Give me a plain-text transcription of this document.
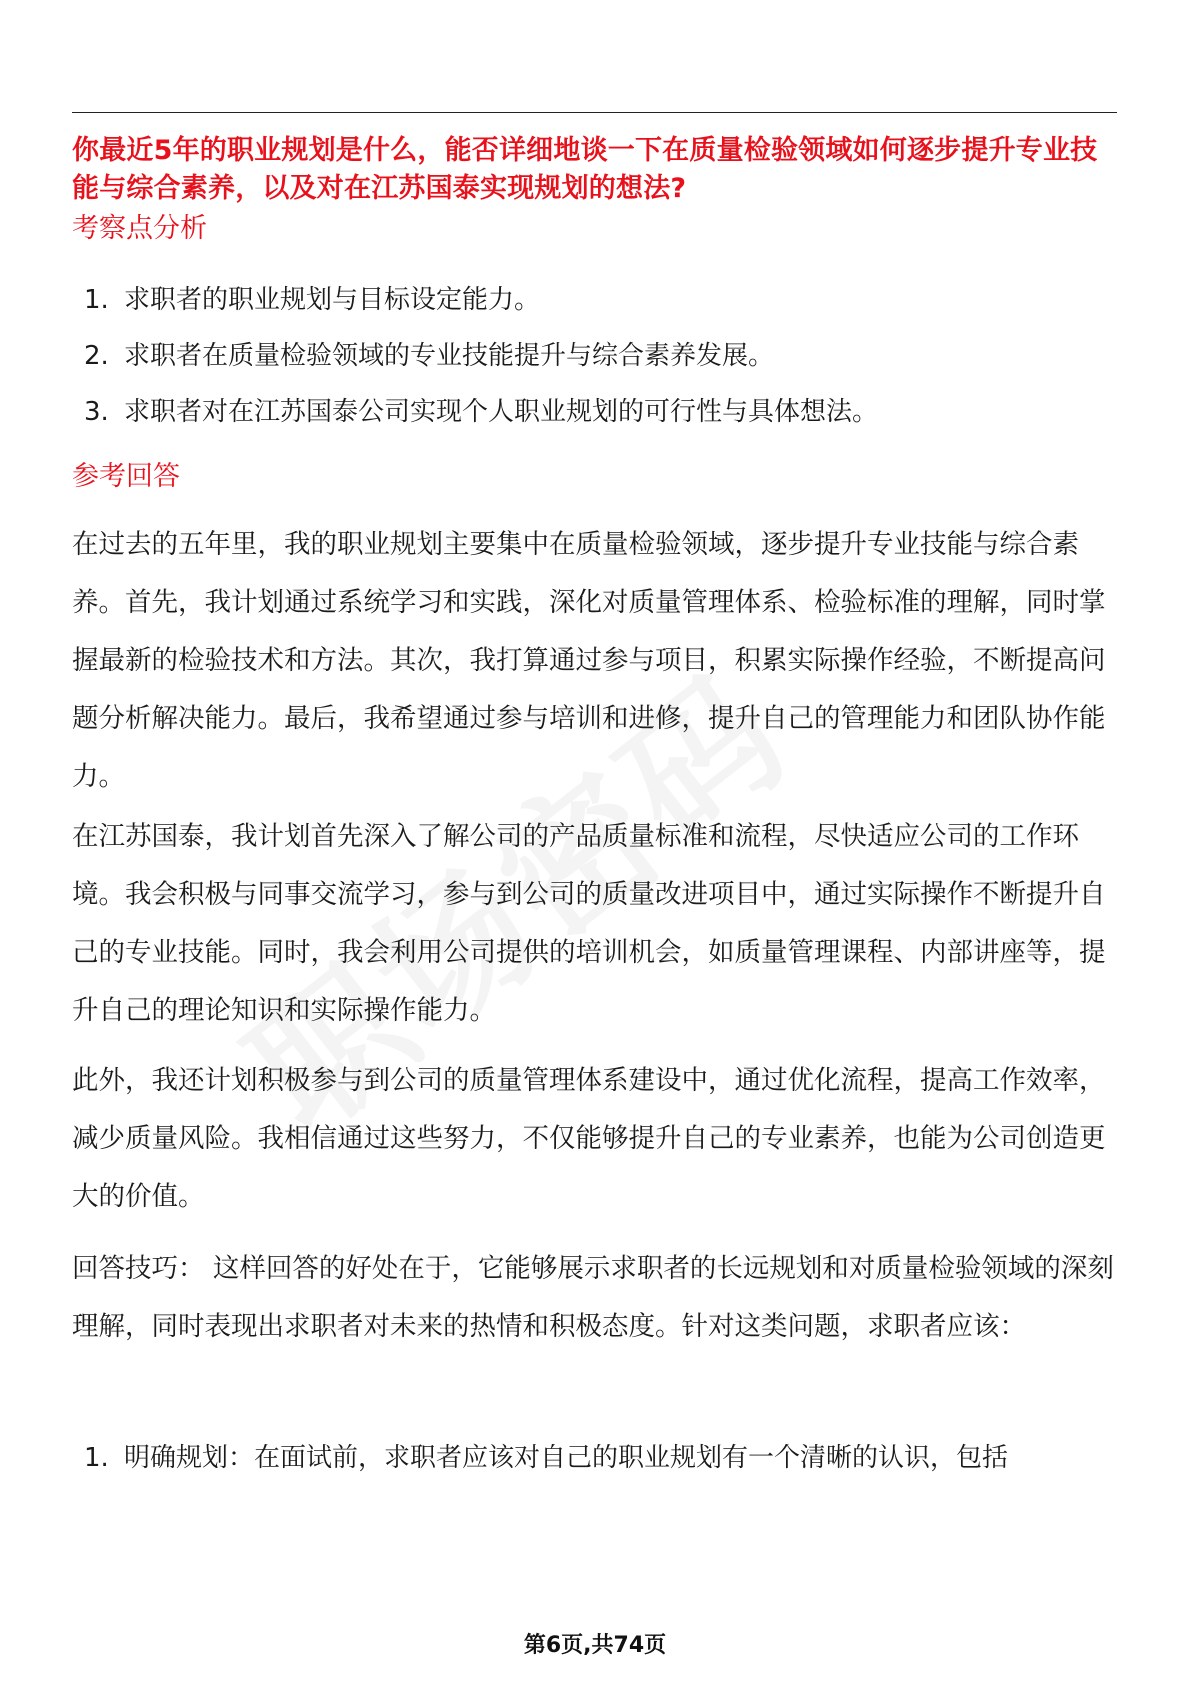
你最近5年的职业规划是什么，能否详细地谈一下在质量检验领域如何逐步提升专业技能与综合素养，以及对在江苏国泰实现规划的想法?
考察点分析
1. 求职者的职业规划与目标设定能力。
2. 求职者在质量检验领域的专业技能提升与综合素养发展。
3. 求职者对在江苏国泰公司实现个人职业规划的可行性与具体想法。
参考回答

在过去的五年里，我的职业规划主要集中在质量检验领域，逐步提升专业技能与综合素养。首先，我计划通过系统学习和实践，深化对质量管理体系、检验标准的理解，同时掌握最新的检验技术和方法。其次，我打算通过参与项目，积累实际操作经验，不断提高问题分析解决能力。最后，我希望通过参与培训和进修，提升自己的管理能力和团队协作能力。

在江苏国泰，我计划首先深入了解公司的产品质量标准和流程，尽快适应公司的工作环境。我会积极与同事交流学习，参与到公司的质量改进项目中，通过实际操作不断提升自己的专业技能。同时，我会利用公司提供的培训机会，如质量管理课程、内部讲座等，提升自己的理论知识和实际操作能力。

此外，我还计划积极参与到公司的质量管理体系建设中，通过优化流程，提高工作效率，减少质量风险。我相信通过这些努力，不仅能够提升自己的专业素养，也能为公司创造更大的价值。

回答技巧： 这样回答的好处在于，它能够展示求职者的长远规划和对质量检验领域的深刻理解，同时表现出求职者对未来的热情和积极态度。针对这类问题，求职者应该：

1. 明确规划：在面试前，求职者应该对自己的职业规划有一个清晰的认识，包括
第6页,共74页
